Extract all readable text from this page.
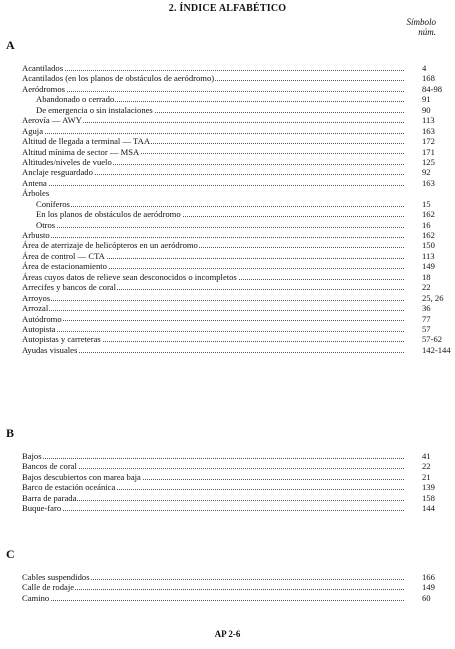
2. ÍNDICE ALFABÉTICO
Símbolo
núm.
A
Acantilados	4
Acantilados (en los planos de obstáculos de aeródromo)	168
Aeródromos	84-98
Abandonado o cerrado	91
De emergencia o sin instalaciones	90
Aerovía — AWY	113
Aguja	163
Altitud de llegada a terminal — TAA	172
Altitud mínima de sector — MSA	171
Altitudes/niveles de vuelo	125
Anclaje resguardado	92
Antena	163
Árboles
Coníferos	15
En los planos de obstáculos de aeródromo	162
Otros	16
Arbusto	162
Área de aterrizaje de helicópteros en un aeródromo	150
Área de control — CTA	113
Área de estacionamiento	149
Áreas cuyos datos de relieve sean desconocidos o incompletos	18
Arrecifes y bancos de coral	22
Arroyos	25, 26
Arrozal	36
Autódromo	77
Autopista	57
Autopistas y carreteras	57-62
Ayudas visuales	142-144
B
Bajos	41
Bancos de coral	22
Bajos descubiertos con marea baja	21
Barco de estación oceánica	139
Barra de parada	158
Buque-faro	144
C
Cables suspendidos	166
Calle de rodaje	149
Camino	60
AP 2-6
